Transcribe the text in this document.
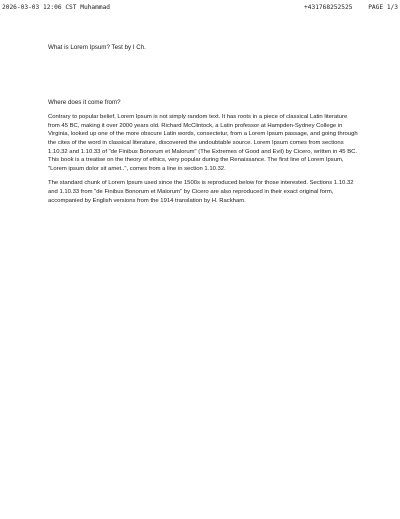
2026-03-03 12:06 CST Muhammad	+431768252525	PAGE 1/3

What is Lorem Ipsum? Test by I Ch.

Where does it come from?

Contrary to popular belief, Lorem Ipsum is not simply random text. It has roots in a piece of classical Latin literature from 45 BC, making it over 2000 years old. Richard McClintock, a Latin professor at Hampden-Sydney College in Virginia, looked up one of the more obscure Latin words, consectetur, from a Lorem Ipsum passage, and going through the cites of the word in classical literature, discovered the undoubtable source. Lorem Ipsum comes from sections 1.10.32 and 1.10.33 of "de Finibus Bonorum et Malorum" (The Extremes of Good and Evil) by Cicero, written in 45 BC. This book is a treatise on the theory of ethics, very popular during the Renaissance. The first line of Lorem Ipsum, "Lorem ipsum dolor sit amet..", comes from a line in section 1.10.32.

The standard chunk of Lorem Ipsum used since the 1500s is reproduced below for those interested. Sections 1.10.32 and 1.10.33 from "de Finibus Bonorum et Malorum" by Cicero are also reproduced in their exact original form, accompanied by English versions from the 1914 translation by H. Rackham.
